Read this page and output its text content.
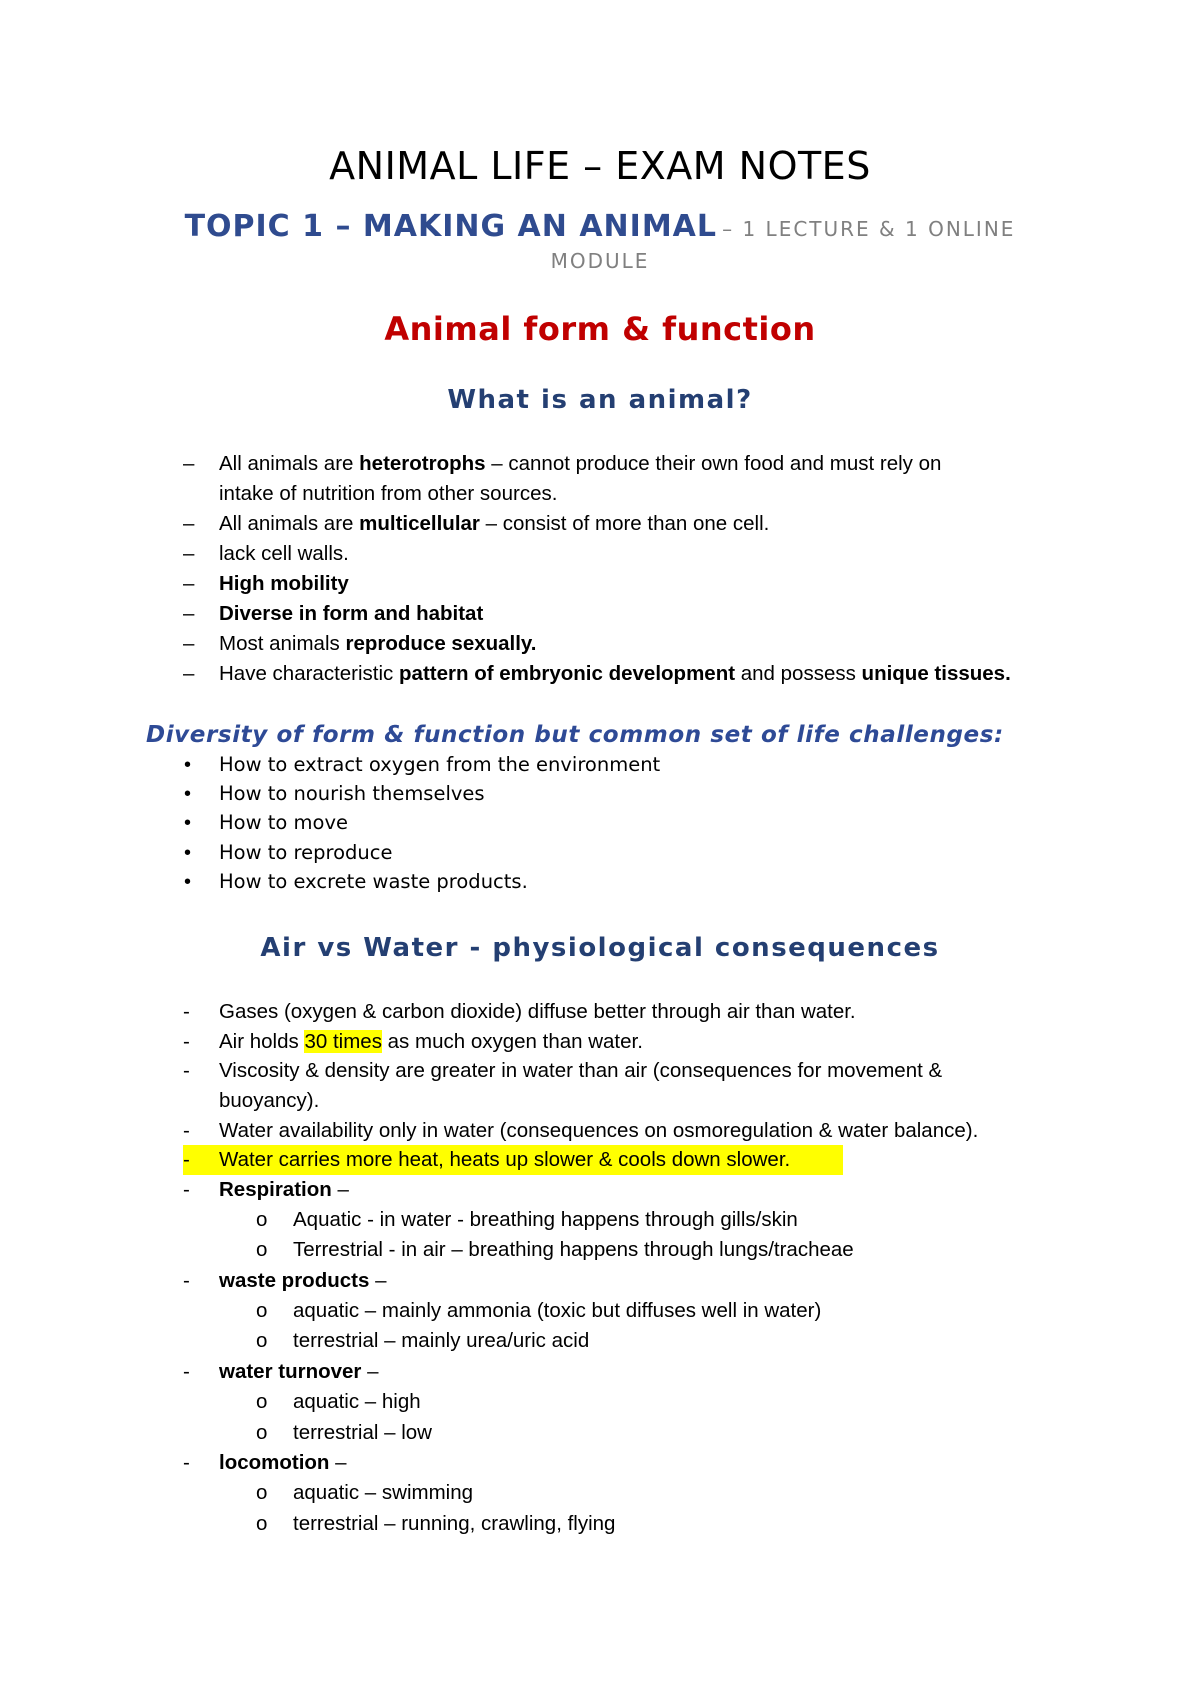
ANIMAL LIFE – EXAM NOTES
TOPIC 1 – MAKING AN ANIMAL – 1 LECTURE & 1 ONLINE MODULE
Animal form & function
What is an animal?
– All animals are heterotrophs – cannot produce their own food and must rely on
intake of nutrition from other sources.
– All animals are multicellular – consist of more than one cell.
– lack cell walls.
– High mobility
– Diverse in form and habitat
– Most animals reproduce sexually.
– Have characteristic pattern of embryonic development and possess unique tissues.
Diversity of form & function but common set of life challenges:
•	How to extract oxygen from the environment
•	How to nourish themselves
•	How to move
•	How to reproduce
•	How to excrete waste products.
Air vs Water - physiological consequences
-	Gases (oxygen & carbon dioxide) diffuse better through air than water.
-	Air holds 30 times as much oxygen than water.
-	Viscosity & density are greater in water than air (consequences for movement &
buoyancy).
-	Water availability only in water (consequences on osmoregulation & water balance).
-	Water carries more heat, heats up slower & cools down slower.
-	Respiration –
o Aquatic - in water - breathing happens through gills/skin
o Terrestrial - in air – breathing happens through lungs/tracheae
-	waste products –
o aquatic – mainly ammonia (toxic but diffuses well in water)
o terrestrial – mainly urea/uric acid
-	water turnover –
o aquatic – high
o terrestrial – low
-	locomotion –
o aquatic – swimming
o terrestrial – running, crawling, flying
